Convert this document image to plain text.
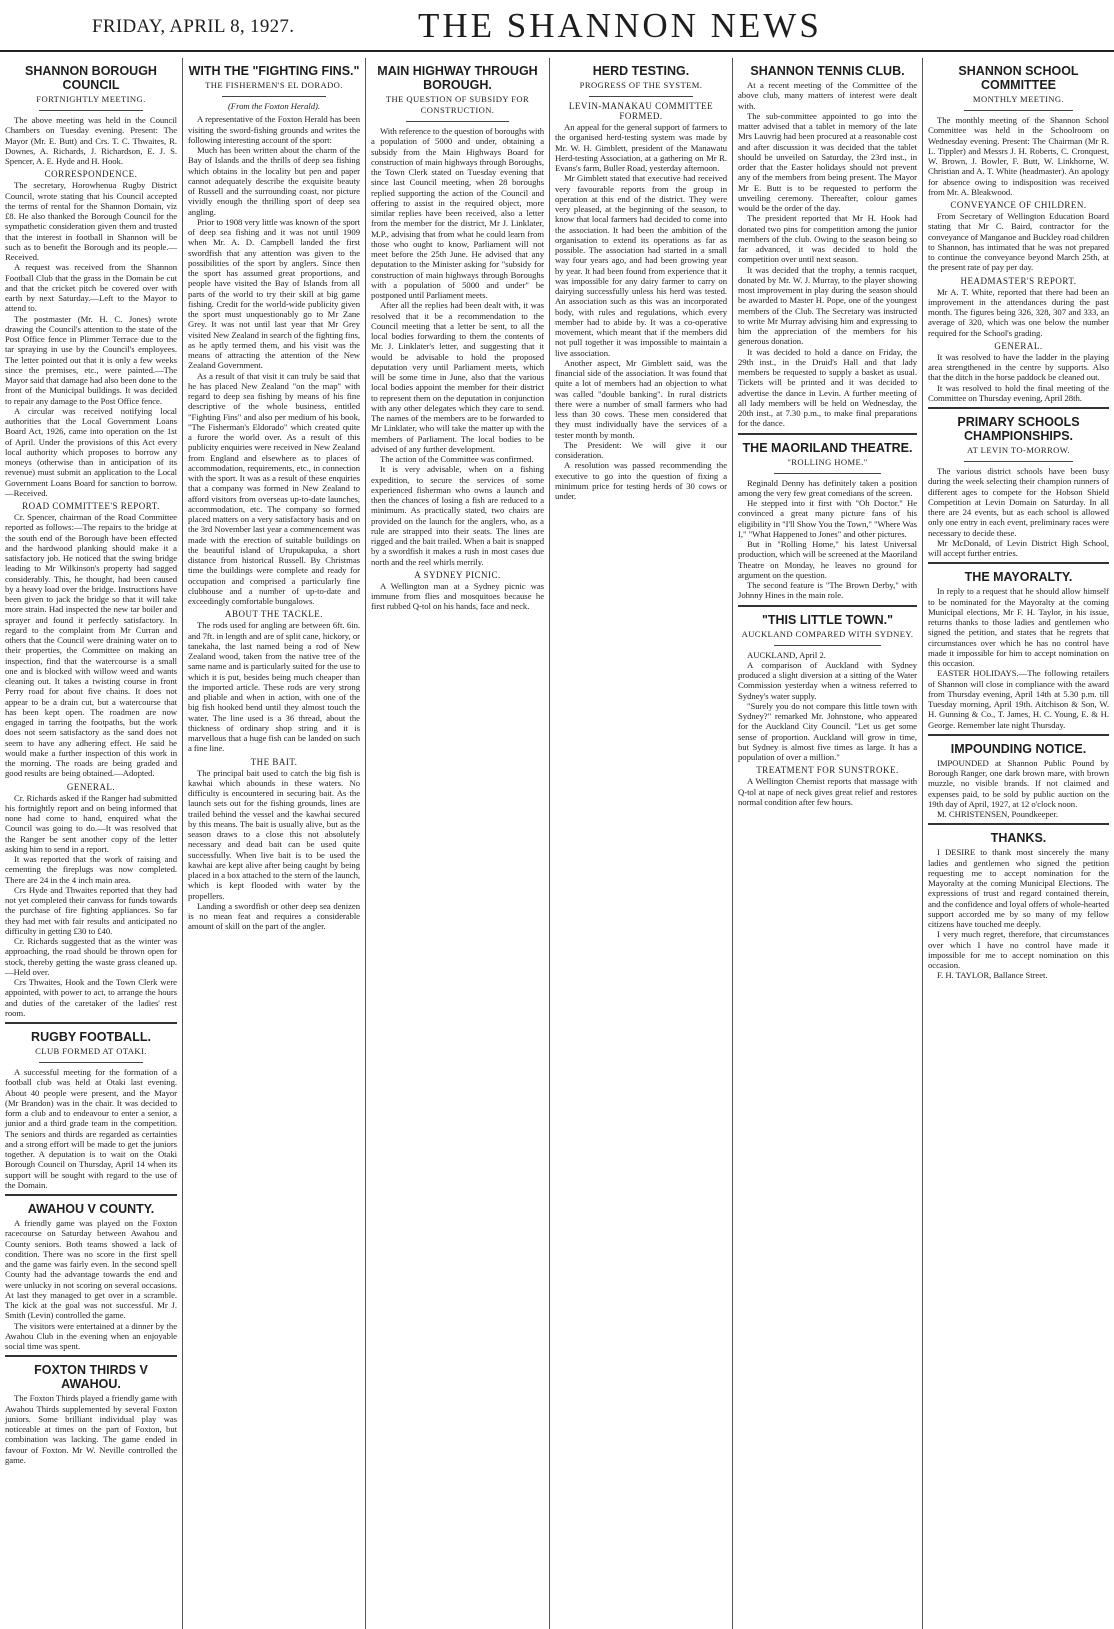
FRIDAY, APRIL 8, 1927.	THE SHANNON NEWS
SHANNON BOROUGH COUNCIL
FORTNIGHTLY MEETING.

The above meeting was held in the Council Chambers on Tuesday evening. Present: The Mayor (Mr. E. Butt) and Crs. T. C. Thwaites, R. Downes, A. Richards, J. Richardson, E. J. S. Spencer, A. E. Hyde and H. Hook.

CORRESPONDENCE.

The secretary, Horowhenua Rugby District Council, wrote stating that his Council accepted the terms of rental for the Shannon Domain, viz £8. He also thanked the Borough Council for the sympathetic consideration given them and trusted that the interest in football in Shannon will be such as to benefit the Borough and its people.—Received.

A request was received from the Shannon Football Club that the grass in the Domain be cut and that the cricket pitch be covered over with earth by next Saturday.—Left to the Mayor to attend to.

The postmaster (Mr. H. C. Jones) wrote drawing the Council's attention to the state of the Post Office fence in Plimmer Terrace due to the tar spraying in use by the Council's employees. The letter pointed out that it is only a few weeks since the premises, etc., were painted.—The Mayor said that damage had also been done to the front of the Municipal buildings. It was decided to repair any damage to the Post Office fence.

A circular was received notifying local authorities that the Local Government Loans Board Act, 1926, came into operation on the 1st of April. Under the provisions of this Act every local authority which proposes to borrow any moneys (otherwise than in anticipation of its revenue) must submit an application to the Local Government Loans Board for sanction to borrow.—Received.

ROAD COMMITTEE'S REPORT.

Cr. Spencer, chairman of the Road Committee reported as follows:—The repairs to the bridge at the south end of the Borough have been effected and the hardwood planking should make it a satisfactory job. He noticed that the swing bridge leading to Mr Wilkinson's property had sagged considerably. This, he thought, had been caused by a heavy load over the bridge. Instructions have been given to jack the bridge so that it will take more strain. Had inspected the new tar boiler and sprayer and found it perfectly satisfactory. In regard to the complaint from Mr Curran and others that the Council were draining water on to their properties, the Committee on making an inspection, find that the watercourse is a small one and is blocked with willow weed and wants cleaning out. It takes a twisting course in front Perry road for about five chains. It does not appear to be a drain cut, but a watercourse that has been kept open. The roadmen are now engaged in tarring the footpaths, but the work does not seem satisfactory as the sand does not seem to have any adhering effect. He said he would make a further inspection of this work in the morning. The roads are being graded and good results are being obtained.—Adopted.

GENERAL.

Cr. Richards asked if the Ranger had submitted his fortnightly report and on being informed that none had come to hand, enquired what the Council was going to do.—It was resolved that the Ranger be sent another copy of the letter asking him to send in a report.

It was reported that the work of raising and cementing the fireplugs was now completed. There are 24 in the 4 inch main area.

Crs Hyde and Thwaites reported that they had not yet completed their canvass for funds towards the purchase of fire fighting appliances. So far they had met with fair results and anticipated no difficulty in getting £30 to £40.

Cr. Richards suggested that as the winter was approaching, the road should be thrown open for stock, thereby getting the waste grass cleaned up.—Held over.

Crs Thwaites, Hook and the Town Clerk were appointed, with power to act, to arrange the hours and duties of the caretaker of the ladies' rest room.

RUGBY FOOTBALL.
CLUB FORMED AT OTAKI.

A successful meeting for the formation of a football club was held at Otaki last evening. About 40 people were present, and the Mayor (Mr Brandon) was in the chair. It was decided to form a club and to endeavour to enter a senior, a junior and a third grade team in the competition. The seniors and thirds are regarded as certainties and a strong effort will be made to get the juniors together. A deputation is to wait on the Otaki Borough Council on Thursday, April 14 when its support will be sought with regard to the use of the Domain.

AWAHOU V COUNTY.

A friendly game was played on the Foxton racecourse on Saturday between Awahou and County seniors. Both teams showed a lack of condition. There was no score in the first spell and the game was fairly even. In the second spell County had the advantage towards the end and were unlucky in not scoring on several occasions. At last they managed to get over in a scramble. The kick at the goal was not successful. Mr J. Smith (Levin) controlled the game.

The visitors were entertained at a dinner by the Awahou Club in the evening when an enjoyable social time was spent.

FOXTON THIRDS V AWAHOU.

The Foxton Thirds played a friendly game with Awahou Thirds supplemented by several Foxton juniors. Some brilliant individual play was noticeable at times on the part of Foxton, but combination was lacking. The game ended in favour of Foxton. Mr W. Neville controlled the game.

WITH THE "FIGHTING FINS."
THE FISHERMEN'S EL DORADO.

(From the Foxton Herald).

A representative of the Foxton Herald has been visiting the sword-fishing grounds and writes the following interesting account of the sport:

Much has been written about the charm of the Bay of Islands and the thrills of deep sea fishing which obtains in the locality but pen and paper cannot adequately describe the exquisite beauty of Russell and the surrounding coast, nor picture vividly enough the thrilling sport of deep sea angling.

Prior to 1908 very little was known of the sport of deep sea fishing and it was not until 1909 when Mr. A. D. Campbell landed the first swordfish that any attention was given to the possibilities of the sport by anglers. Since then the sport has assumed great proportions, and people have visited the Bay of Islands from all parts of the world to try their skill at big game fishing. Credit for the world-wide publicity given the sport must unquestionably go to Mr Zane Grey. It was not until last year that Mr Grey visited New Zealand in search of the fighting fins, as he aptly termed them, and his visit was the means of attracting the attention of the New Zealand Government.

As a result of that visit it can truly be said that he has placed New Zealand "on the map" with regard to deep sea fishing by means of his fine descriptive of the whole business, entitled "Fighting Fins" and also per medium of his book, "The Fisherman's Eldorado" which created quite a furore the world over. As a result of this publicity enquiries were received in New Zealand from England and elsewhere as to places of accommodation, requirements, etc., in connection with the sport. It was as a result of these enquiries that a company was formed in New Zealand to afford visitors from overseas up-to-date launches, accommodation, etc. The company so formed placed matters on a very satisfactory basis and on the 3rd November last year a commencement was made with the erection of suitable buildings on the beautiful island of Urupukapuka, a short distance from historical Russell. By Christmas time the buildings were complete and ready for occupation and comprised a particularly fine clubhouse and a number of up-to-date and exceedingly comfortable bungalows.

ABOUT THE TACKLE.

The rods used for angling are between 6ft. 6in. and 7ft. in length and are of split cane, hickory, or tanekaha, the last named being a rod of New Zealand wood, taken from the native tree of the same name and is particularly suited for the use to which it is put, besides being much cheaper than the imported article. These rods are very strong and pliable and when in action, with one of the big fish hooked bend until they almost touch the water. The line used is a 36 thread, about the thickness of ordinary shop string and it is marvellous that a huge fish can be landed on such a fine line.

THE BAIT.

The principal bait used to catch the big fish is kawhai which abounds in these waters. No difficulty is encountered in securing bait. As the launch sets out for the fishing grounds, lines are trailed behind the vessel and the kawhai secured by this means. The bait is usually alive, but as the season draws to a close this not absolutely necessary and dead bait can be used quite successfully. When live bait is to be used the kawhai are kept alive after being caught by being placed in a box attached to the stern of the launch, which is kept flooded with water by the propellers.

Landing a swordfish or other deep sea denizen is no mean feat and requires a considerable amount of skill on the part of the angler.

MAIN HIGHWAY THROUGH BOROUGH.
THE QUESTION OF SUBSIDY FOR CONSTRUCTION.

With reference to the question of boroughs with a population of 5000 and under, obtaining a subsidy from the Main Highways Board for construction of main highways through Boroughs, the Town Clerk stated on Tuesday evening that since last Council meeting, when 28 boroughs replied supporting the action of the Council and offering to assist in the required object, more similar replies have been received, also a letter from the member for the district, Mr J. Linklater, M.P., advising that from what he could learn from those who ought to know, Parliament will not meet before the 25th June. He advised that any deputation to the Minister asking for "subsidy for construction of main highways through Boroughs with a population of 5000 and under" be postponed until Parliament meets.

After all the replies had been dealt with, it was resolved that it be a recommendation to the Council meeting that a letter be sent, to all the local bodies forwarding to them the contents of Mr. J. Linklater's letter, and suggesting that it would be advisable to hold the proposed deputation very until Parliament meets, which will be some time in June, also that the various local bodies appoint the member for their district to represent them on the deputation in conjunction with any other delegates which they care to send. The names of the members are to be forwarded to Mr Linklater, who will take the matter up with the members of Parliament. The local bodies to be advised of any further development.

The action of the Committee was confirmed.

It is very advisable, when on a fishing expedition, to secure the services of some experienced fisherman who owns a launch and then the chances of losing a fish are reduced to a minimum. As practically stated, two chairs are provided on the launch for the anglers, who, as a rule are strapped into their seats. The lines are rigged and the bait trailed. When a bait is snapped by a swordfish it makes a rush in most cases due north and the reel whirls merrily.

A SYDNEY PICNIC.

A Wellington man at a Sydney picnic was immune from flies and mosquitoes because he first rubbed Q-tol on his hands, face and neck.

HERD TESTING.
PROGRESS OF THE SYSTEM.

LEVIN-MANAKAU COMMITTEE FORMED.

An appeal for the general support of farmers to the organised herd-testing system was made by Mr. W. H. Gimblett, president of the Manawatu Herd-testing Association, at a gathering on Mr R. Evans's farm, Buller Road, yesterday afternoon.

Mr Gimblett stated that executive had received very favourable reports from the group in operation at this end of the district. They were very pleased, at the beginning of the season, to know that local farmers had decided to come into the association. It had been the ambition of the organisation to extend its operations as far as possible. The association had started in a small way four years ago, and had been growing year by year. It had been found from experience that it was impossible for any dairy farmer to carry on dairying successfully unless his herd was tested. An association such as this was an incorporated body, with rules and regulations, which every member had to abide by. It was a co-operative movement, which meant that if the members did not pull together it was impossible to maintain a live association.

Another aspect, Mr Gimblett said, was the financial side of the association. It was found that quite a lot of members had an objection to what was called "double banking". In rural districts there were a number of small farmers who had less than 30 cows. These men considered that they must individually have the services of a tester month by month.

The President: We will give it our consideration.

A resolution was passed recommending the executive to go into the question of fixing a minimum price for testing herds of 30 cows or under.

SHANNON TENNIS CLUB.

At a recent meeting of the Committee of the above club, many matters of interest were dealt with.

The sub-committee appointed to go into the matter advised that a tablet in memory of the late Mrs Lauvrig had been procured at a reasonable cost and after discussion it was decided that the tablet should be unveiled on Saturday, the 23rd inst., in order that the Easter holidays should not prevent any of the members from being present. The Mayor Mr E. Butt is to be requested to perform the unveiling ceremony. Thereafter, colour games would be the order of the day.

The president reported that Mr H. Hook had donated two pins for competition among the junior members of the club. Owing to the season being so far advanced, it was decided to hold the competition over until next season.

It was decided that the trophy, a tennis racquet, donated by Mr. W. J. Murray, to the player showing most improvement in play during the season should be awarded to Master H. Pope, one of the youngest members of the Club. The Secretary was instructed to write Mr Murray advising him and expressing to him the appreciation of the members for his generous donation.

It was decided to hold a dance on Friday, the 29th inst., in the Druid's Hall and that lady members be requested to supply a basket as usual. Tickets will be printed and it was decided to advertise the dance in Levin. A further meeting of all lady members will be held on Wednesday, the 20th inst., at 7.30 p.m., to make final preparations for the dance.

THE MAORILAND THEATRE.
"ROLLING HOME."

Reginald Denny has definitely taken a position among the very few great comedians of the screen.

He stepped into it first with "Oh Doctor." He convinced a great many picture fans of his eligibility in "I'll Show You the Town," "Where Was I," "What Happened to Jones" and other pictures.

But in "Rolling Home," his latest Universal production, which will be screened at the Maoriland Theatre on Monday, he leaves no ground for argument on the question.

The second feature is "The Brown Derby," with Johnny Hines in the main role.

"THIS LITTLE TOWN."
AUCKLAND COMPARED WITH SYDNEY.

AUCKLAND, April 2.

A comparison of Auckland with Sydney produced a slight diversion at a sitting of the Water Commission yesterday when a witness referred to Sydney's water supply.

"Surely you do not compare this little town with Sydney?" remarked Mr. Johnstone, who appeared for the Auckland City Council. "Let us get some sense of proportion. Auckland will grow in time, but Sydney is almost five times as large. It has a population of over a million."

TREATMENT FOR SUNSTROKE.

A Wellington Chemist reports that massage with Q-tol at nape of neck gives great relief and restores normal condition after few hours.

SHANNON SCHOOL COMMITTEE
MONTHLY MEETING.

The monthly meeting of the Shannon School Committee was held in the Schoolroom on Wednesday evening. Present: The Chairman (Mr R. L. Tippler) and Messrs J. H. Roberts, C. Cronquest, W. Brown, J. Bowler, F. Butt, W. Linkhorne, W. Christian and A. T. White (headmaster). An apology for absence owing to indisposition was received from Mr. A. Bleakwood.

CONVEYANCE OF CHILDREN.

From Secretary of Wellington Education Board stating that Mr C. Baird, contractor for the conveyance of Manganoe and Buckley road children to Shannon, has intimated that he was not prepared to continue the conveyance beyond March 25th, at the present rate of pay per day.

HEADMASTER'S REPORT.

Mr A. T. White, reported that there had been an improvement in the attendances during the past month. The figures being 326, 328, 307 and 333, an average of 320, which was one below the number required for the School's grading.

GENERAL.

It was resolved to have the ladder in the playing area strengthened in the centre by supports. Also that the ditch in the horse paddock be cleaned out.

It was resolved to hold the final meeting of the Committee on Thursday evening, April 28th.

PRIMARY SCHOOLS CHAMPIONSHIPS.
AT LEVIN TO-MORROW.

The various district schools have been busy during the week selecting their champion runners of different ages to compete for the Hobson Shield Competition at Levin Domain on Saturday. In all there are 24 events, but as each school is allowed only one entry in each event, preliminary races were necessary to decide these.

Mr McDonald, of Levin District High School, will accept further entries.

THE MAYORALTY.

In reply to a request that he should allow himself to be nominated for the Mayoralty at the coming Municipal elections, Mr F. H. Taylor, in his issue, returns thanks to those ladies and gentlemen who signed the petition, and states that he regrets that circumstances over which he has no control have made it impossible for him to accept nomination on this occasion.

EASTER HOLIDAYS.—The following retailers of Shannon will close in compliance with the award from Thursday evening, April 14th at 5.30 p.m. till Tuesday morning, April 19th. Aitchison & Son, W. H. Gunning & Co., T. James, H. C. Young, E. & H. George. Remember late night Thursday.

IMPOUNDING NOTICE.

IMPOUNDED at Shannon Public Pound by Borough Ranger, one dark brown mare, with brown muzzle, no visible brands. If not claimed and expenses paid, to be sold by public auction on the 19th day of April, 1927, at 12 o'clock noon.

M. CHRISTENSEN, Poundkeeper.

THANKS.

I DESIRE to thank most sincerely the many ladies and gentlemen who signed the petition requesting me to accept nomination for the Mayoralty at the coming Municipal Elections. The expressions of trust and regard contained therein, and the confidence and loyal offers of whole-hearted support accorded me by so many of my fellow citizens have touched me deeply.

I very much regret, therefore, that circumstances over which I have no control have made it impossible for me to accept nomination on this occasion.

F. H. TAYLOR, Ballance Street.
